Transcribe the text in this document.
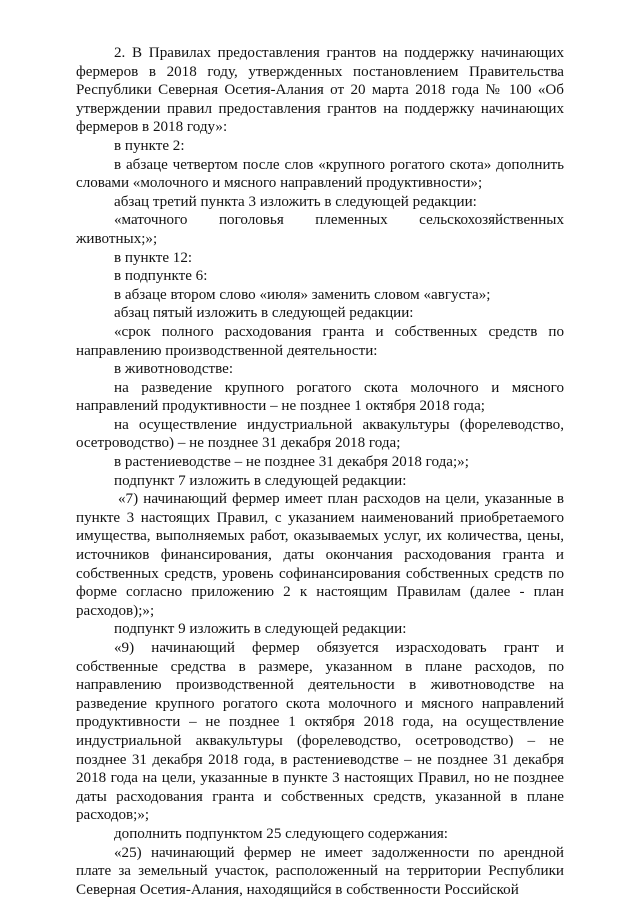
2. В Правилах предоставления грантов на поддержку начинающих фермеров в 2018 году, утвержденных постановлением Правительства Республики Северная Осетия-Алания от 20 марта 2018 года № 100 «Об утверждении правил предоставления грантов на поддержку начинающих фермеров в 2018 году»:

в пункте 2:

в абзаце четвертом после слов «крупного рогатого скота» дополнить словами «молочного и мясного направлений продуктивности»;

абзац третий пункта 3 изложить в следующей редакции:

«маточного поголовья племенных сельскохозяйственных животных;»;

в пункте 12:

в подпункте 6:

в абзаце втором слово «июля» заменить словом «августа»;

абзац пятый изложить в следующей редакции:

«срок полного расходования гранта и собственных средств по направлению производственной деятельности:

в животноводстве:

на разведение крупного рогатого скота молочного и мясного направлений продуктивности – не позднее 1 октября 2018 года;

на осуществление индустриальной аквакультуры (форелеводство, осетроводство) – не позднее 31 декабря 2018 года;

в растениеводстве – не позднее 31 декабря 2018 года;»;

подпункт 7 изложить в следующей редакции:

«7) начинающий фермер имеет план расходов на цели, указанные в пункте 3 настоящих Правил, с указанием наименований приобретаемого имущества, выполняемых работ, оказываемых услуг, их количества, цены, источников финансирования, даты окончания расходования гранта и собственных средств, уровень софинансирования собственных средств по форме согласно приложению 2 к настоящим Правилам (далее - план расходов);»;

подпункт 9 изложить в следующей редакции:

«9) начинающий фермер обязуется израсходовать грант и собственные средства в размере, указанном в плане расходов, по направлению производственной деятельности в животноводстве на разведение крупного рогатого скота молочного и мясного направлений продуктивности – не позднее 1 октября 2018 года, на осуществление индустриальной аквакультуры (форелеводство, осетроводство) – не позднее 31 декабря 2018 года, в растениеводстве – не позднее 31 декабря 2018 года на цели, указанные в пункте 3 настоящих Правил, но не позднее даты расходования гранта и собственных средств, указанной в плане расходов;»;

дополнить подпунктом 25 следующего содержания:

«25) начинающий фермер не имеет задолженности по арендной плате за земельный участок, расположенный на территории Республики Северная Осетия-Алания, находящийся в собственности Российской
